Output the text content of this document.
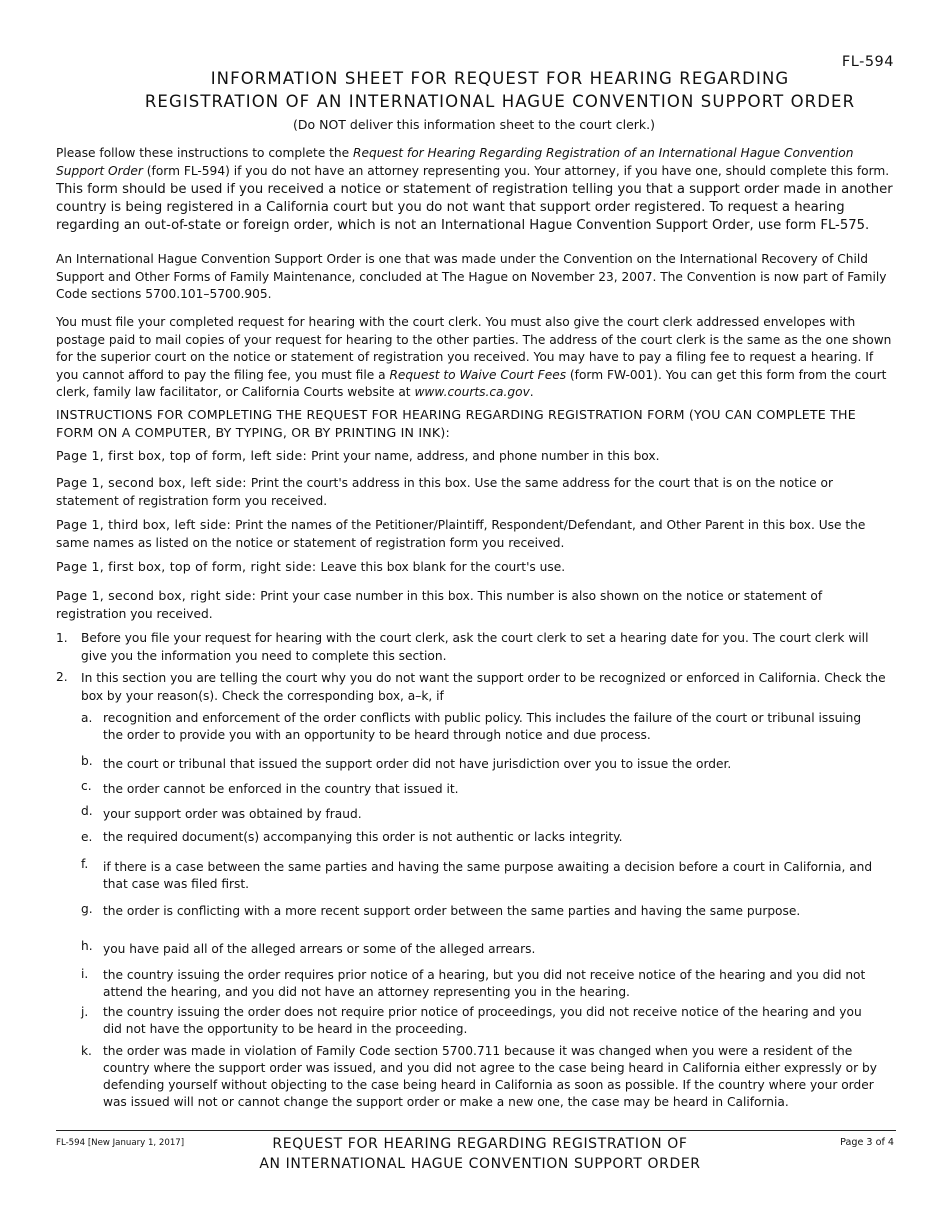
FL-594
INFORMATION SHEET FOR REQUEST FOR HEARING REGARDING
REGISTRATION OF AN INTERNATIONAL HAGUE CONVENTION SUPPORT ORDER
(Do NOT deliver this information sheet to the court clerk.)
Please follow these instructions to complete the Request for Hearing Regarding Registration of an International Hague Convention Support Order (form FL-594) if you do not have an attorney representing you. Your attorney, if you have one, should complete this form.
This form should be used if you received a notice or statement of registration telling you that a support order made in another country is being registered in a California court but you do not want that support order registered. To request a hearing regarding an out-of-state or foreign order, which is not an International Hague Convention Support Order, use form FL-575.
An International Hague Convention Support Order is one that was made under the Convention on the International Recovery of Child Support and Other Forms of Family Maintenance, concluded at The Hague on November 23, 2007. The Convention is now part of Family Code sections 5700.101–5700.905.
You must file your completed request for hearing with the court clerk. You must also give the court clerk addressed envelopes with postage paid to mail copies of your request for hearing to the other parties. The address of the court clerk is the same as the one shown for the superior court on the notice or statement of registration you received. You may have to pay a filing fee to request a hearing. If you cannot afford to pay the filing fee, you must file a Request to Waive Court Fees (form FW-001). You can get this form from the court clerk, family law facilitator, or California Courts website at www.courts.ca.gov.
INSTRUCTIONS FOR COMPLETING THE REQUEST FOR HEARING REGARDING REGISTRATION FORM (YOU CAN COMPLETE THE FORM ON A COMPUTER, BY TYPING, OR BY PRINTING IN INK):
Page 1, first box, top of form, left side: Print your name, address, and phone number in this box.
Page 1, second box, left side: Print the court's address in this box. Use the same address for the court that is on the notice or statement of registration form you received.
Page 1, third box, left side: Print the names of the Petitioner/Plaintiff, Respondent/Defendant, and Other Parent in this box. Use the same names as listed on the notice or statement of registration form you received.
Page 1, first box, top of form, right side: Leave this box blank for the court's use.
Page 1, second box, right side: Print your case number in this box. This number is also shown on the notice or statement of registration you received.
1. Before you file your request for hearing with the court clerk, ask the court clerk to set a hearing date for you. The court clerk will give you the information you need to complete this section.
2. In this section you are telling the court why you do not want the support order to be recognized or enforced in California. Check the box by your reason(s). Check the corresponding box, a–k, if
a. recognition and enforcement of the order conflicts with public policy. This includes the failure of the court or tribunal issuing the order to provide you with an opportunity to be heard through notice and due process.
b. the court or tribunal that issued the support order did not have jurisdiction over you to issue the order.
c. the order cannot be enforced in the country that issued it.
d. your support order was obtained by fraud.
e. the required document(s) accompanying this order is not authentic or lacks integrity.
f. if there is a case between the same parties and having the same purpose awaiting a decision before a court in California, and that case was filed first.
g. the order is conflicting with a more recent support order between the same parties and having the same purpose.
h. you have paid all of the alleged arrears or some of the alleged arrears.
i. the country issuing the order requires prior notice of a hearing, but you did not receive notice of the hearing and you did not attend the hearing, and you did not have an attorney representing you in the hearing.
j. the country issuing the order does not require prior notice of proceedings, you did not receive notice of the hearing and you did not have the opportunity to be heard in the proceeding.
k. the order was made in violation of Family Code section 5700.711 because it was changed when you were a resident of the country where the support order was issued, and you did not agree to the case being heard in California either expressly or by defending yourself without objecting to the case being heard in California as soon as possible. If the country where your order was issued will not or cannot change the support order or make a new one, the case may be heard in California.
FL-594 [New January 1, 2017]	REQUEST FOR HEARING REGARDING REGISTRATION OF
AN INTERNATIONAL HAGUE CONVENTION SUPPORT ORDER
Page 3 of 4
